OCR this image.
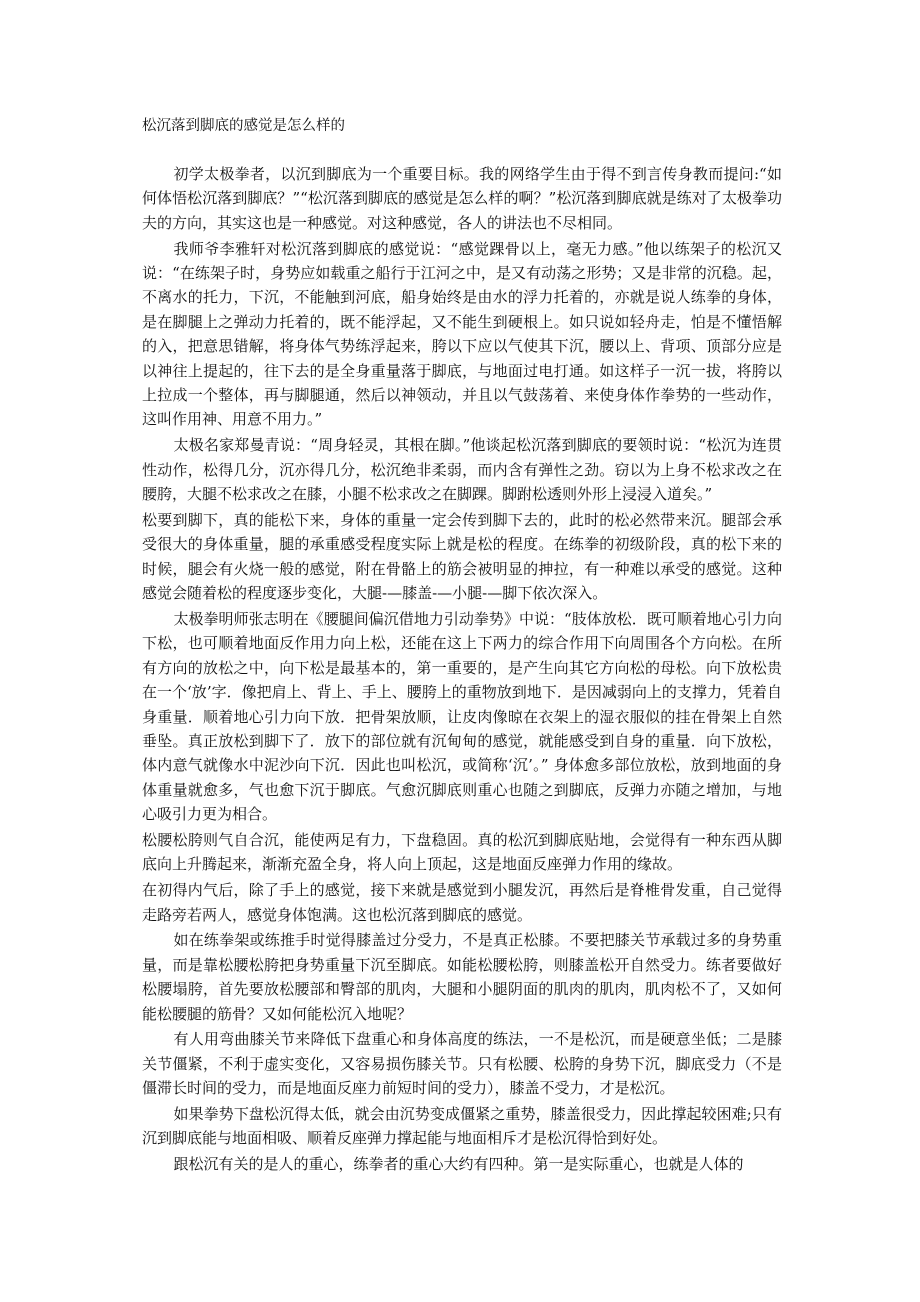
松沉落到脚底的感觉是怎么样的

初学太极拳者，以沉到脚底为一个重要目标。我的网络学生由于得不到言传身教而提问:“如何体悟松沉落到脚底？”“松沉落到脚底的感觉是怎么样的啊？”松沉落到脚底就是练对了太极拳功夫的方向，其实这也是一种感觉。对这种感觉，各人的讲法也不尽相同。

我师爷李雅轩对松沉落到脚底的感觉说：“感觉踝骨以上，毫无力感。”他以练架子的松沉又说：“在练架子时，身势应如载重之船行于江河之中，是又有动荡之形势；又是非常的沉稳。起，不离水的托力，下沉，不能触到河底，船身始终是由水的浮力托着的，亦就是说人练拳的身体，是在脚腿上之弹动力托着的，既不能浮起，又不能生到硬根上。如只说如轻舟走，怕是不懂悟解的入，把意思错解，将身体气势练浮起来，胯以下应以气使其下沉，腰以上、背项、顶部分应是以神往上提起的，往下去的是全身重量落于脚底，与地面过电打通。如这样子一沉一拔，将胯以上拉成一个整体，再与脚腿通，然后以神领动，并且以气鼓荡着、来使身体作拳势的一些动作，这叫作用神、用意不用力。”

太极名家郑曼青说：“周身轻灵，其根在脚。”他谈起松沉落到脚底的要领时说：“松沉为连贯性动作，松得几分，沉亦得几分，松沉绝非柔弱，而内含有弹性之劲。窃以为上身不松求改之在腰胯，大腿不松求改之在膝，小腿不松求改之在脚踝。脚跗松透则外形上浸浸入道矣。”

松要到脚下，真的能松下来，身体的重量一定会传到脚下去的，此时的松必然带来沉。腿部会承受很大的身体重量，腿的承重感受程度实际上就是松的程度。在练拳的初级阶段，真的松下来的时候，腿会有火烧一般的感觉，附在骨骼上的筋会被明显的抻拉，有一种难以承受的感觉。这种感觉会随着松的程度逐步变化，大腿-—膝盖-—小腿-—脚下依次深入。

太极拳明师张志明在《腰腿间偏沉借地力引动拳势》中说：“肢体放松．既可顺着地心引力向下松，也可顺着地面反作用力向上松，还能在这上下两力的综合作用下向周围各个方向松。在所有方向的放松之中，向下松是最基本的，第一重要的，是产生向其它方向松的母松。向下放松贵在一个‘放’字．像把肩上、背上、手上、腰胯上的重物放到地下．是因减弱向上的支撑力，凭着自身重量．顺着地心引力向下放．把骨架放顺，让皮肉像晾在衣架上的湿衣服似的挂在骨架上自然垂坠。真正放松到脚下了．放下的部位就有沉甸甸的感觉，就能感受到自身的重量．向下放松，体内意气就像水中泥沙向下沉．因此也叫松沉，或简称‘沉’。” 身体愈多部位放松，放到地面的身体重量就愈多，气也愈下沉于脚底。气愈沉脚底则重心也随之到脚底，反弹力亦随之增加，与地心吸引力更为相合。

松腰松胯则气自合沉，能使两足有力，下盘稳固。真的松沉到脚底贴地，会觉得有一种东西从脚底向上升腾起来，渐渐充盈全身，将人向上顶起，这是地面反座弹力作用的缘故。

在初得内气后，除了手上的感觉，接下来就是感觉到小腿发沉，再然后是脊椎骨发重，自己觉得走路旁若两人，感觉身体饱满。这也松沉落到脚底的感觉。

如在练拳架或练推手时觉得膝盖过分受力，不是真正松膝。不要把膝关节承载过多的身势重量，而是靠松腰松胯把身势重量下沉至脚底。如能松腰松胯，则膝盖松开自然受力。练者要做好松腰塌胯，首先要放松腰部和臀部的肌肉，大腿和小腿阴面的肌肉的肌肉，肌肉松不了，又如何能松腰腿的筋骨？又如何能松沉入地呢？

有人用弯曲膝关节来降低下盘重心和身体高度的练法，一不是松沉，而是硬意坐低；二是膝关节僵紧，不利于虚实变化，又容易损伤膝关节。只有松腰、松胯的身势下沉，脚底受力（不是僵滞长时间的受力，而是地面反座力前短时间的受力），膝盖不受力，才是松沉。

如果拳势下盘松沉得太低，就会由沉势变成僵紧之重势，膝盖很受力，因此撑起较困难;只有沉到脚底能与地面相吸、顺着反座弹力撑起能与地面相斥才是松沉得恰到好处。

跟松沉有关的是人的重心，练拳者的重心大约有四种。第一是实际重心，也就是人体的
